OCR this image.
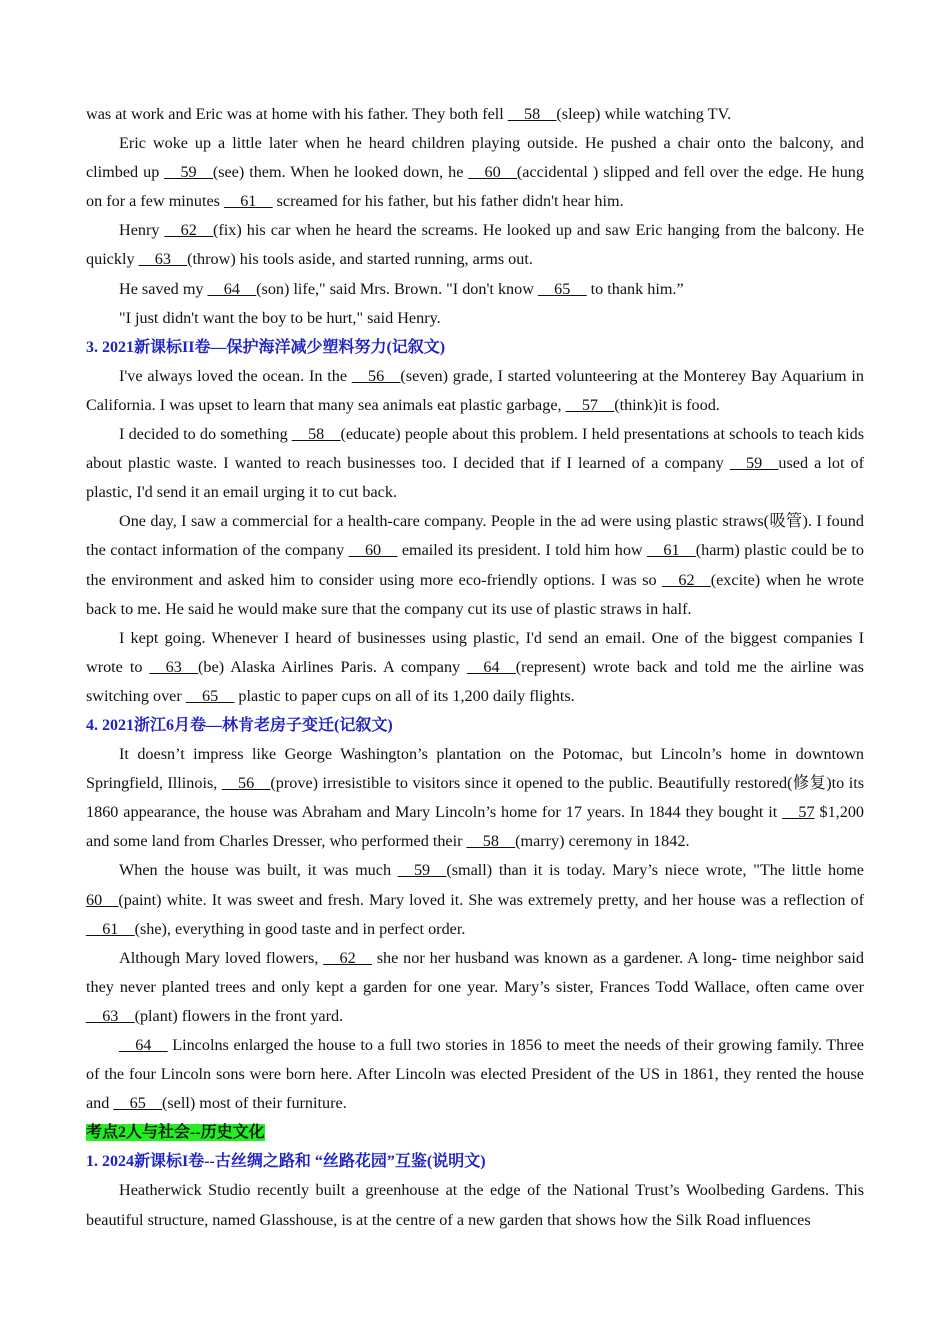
was at work and Eric was at home with his father. They both fell __58__(sleep) while watching TV.

Eric woke up a little later when he heard children playing outside. He pushed a chair onto the balcony, and climbed up __59__(see) them. When he looked down, he __60__(accidental ) slipped and fell over the edge. He hung on for a few minutes __61__ screamed for his father, but his father didn't hear him.

Henry __62__(fix) his car when he heard the screams. He looked up and saw Eric hanging from the balcony. He quickly __63__(throw) his tools aside, and started running, arms out.

He saved my __64__(son) life," said Mrs. Brown. "I don't know __65__ to thank him.”

"I just didn't want the boy to be hurt," said Henry.

3. 2021新课标II卷—保护海洋减少塑料努力(记叙文)

I've always loved the ocean. In the __56__(seven) grade, I started volunteering at the Monterey Bay Aquarium in California. I was upset to learn that many sea animals eat plastic garbage, __57__(think)it is food.

I decided to do something __58__(educate) people about this problem. I held presentations at schools to teach kids about plastic waste. I wanted to reach businesses too. I decided that if I learned of a company __59__used a lot of plastic, I'd send it an email urging it to cut back.

One day, I saw a commercial for a health-care company. People in the ad were using plastic straws(吸管). I found the contact information of the company __60__ emailed its president. I told him how __61__(harm) plastic could be to the environment and asked him to consider using more eco-friendly options. I was so __62__(excite) when he wrote back to me. He said he would make sure that the company cut its use of plastic straws in half.

I kept going. Whenever I heard of businesses using plastic, I'd send an email. One of the biggest companies I wrote to __63__(be) Alaska Airlines Paris. A company __64__(represent) wrote back and told me the airline was switching over __65__ plastic to paper cups on all of its 1,200 daily flights.

4. 2021浙江6月卷—林肯老房子变迁(记叙文)

It doesn’t impress like George Washington’s plantation on the Potomac, but Lincoln’s home in downtown Springfield, Illinois, __56__(prove) irresistible to visitors since it opened to the public. Beautifully restored(修复)to its 1860 appearance, the house was Abraham and Mary Lincoln’s home for 17 years. In 1844 they bought it __57 $1,200 and some land from Charles Dresser, who performed their __58__(marry) ceremony in 1842.

When the house was built, it was much __59__(small) than it is today. Mary’s niece wrote, "The little home 60__(paint) white. It was sweet and fresh. Mary loved it. She was extremely pretty, and her house was a reflection of __61__(she), everything in good taste and in perfect order.

Although Mary loved flowers, __62__ she nor her husband was known as a gardener. A long- time neighbor said they never planted trees and only kept a garden for one year. Mary’s sister, Frances Todd Wallace, often came over __63__(plant) flowers in the front yard.

__64__ Lincolns enlarged the house to a full two stories in 1856 to meet the needs of their growing family. Three of the four Lincoln sons were born here. After Lincoln was elected President of the US in 1861, they rented the house and __65__(sell) most of their furniture.

考点2人与社会--历史文化

1. 2024新课标I卷--古丝绸之路和 “丝路花园”互鉴(说明文)

Heatherwick Studio recently built a greenhouse at the edge of the National Trust’s Woolbeding Gardens. This beautiful structure, named Glasshouse, is at the centre of a new garden that shows how the Silk Road influences
